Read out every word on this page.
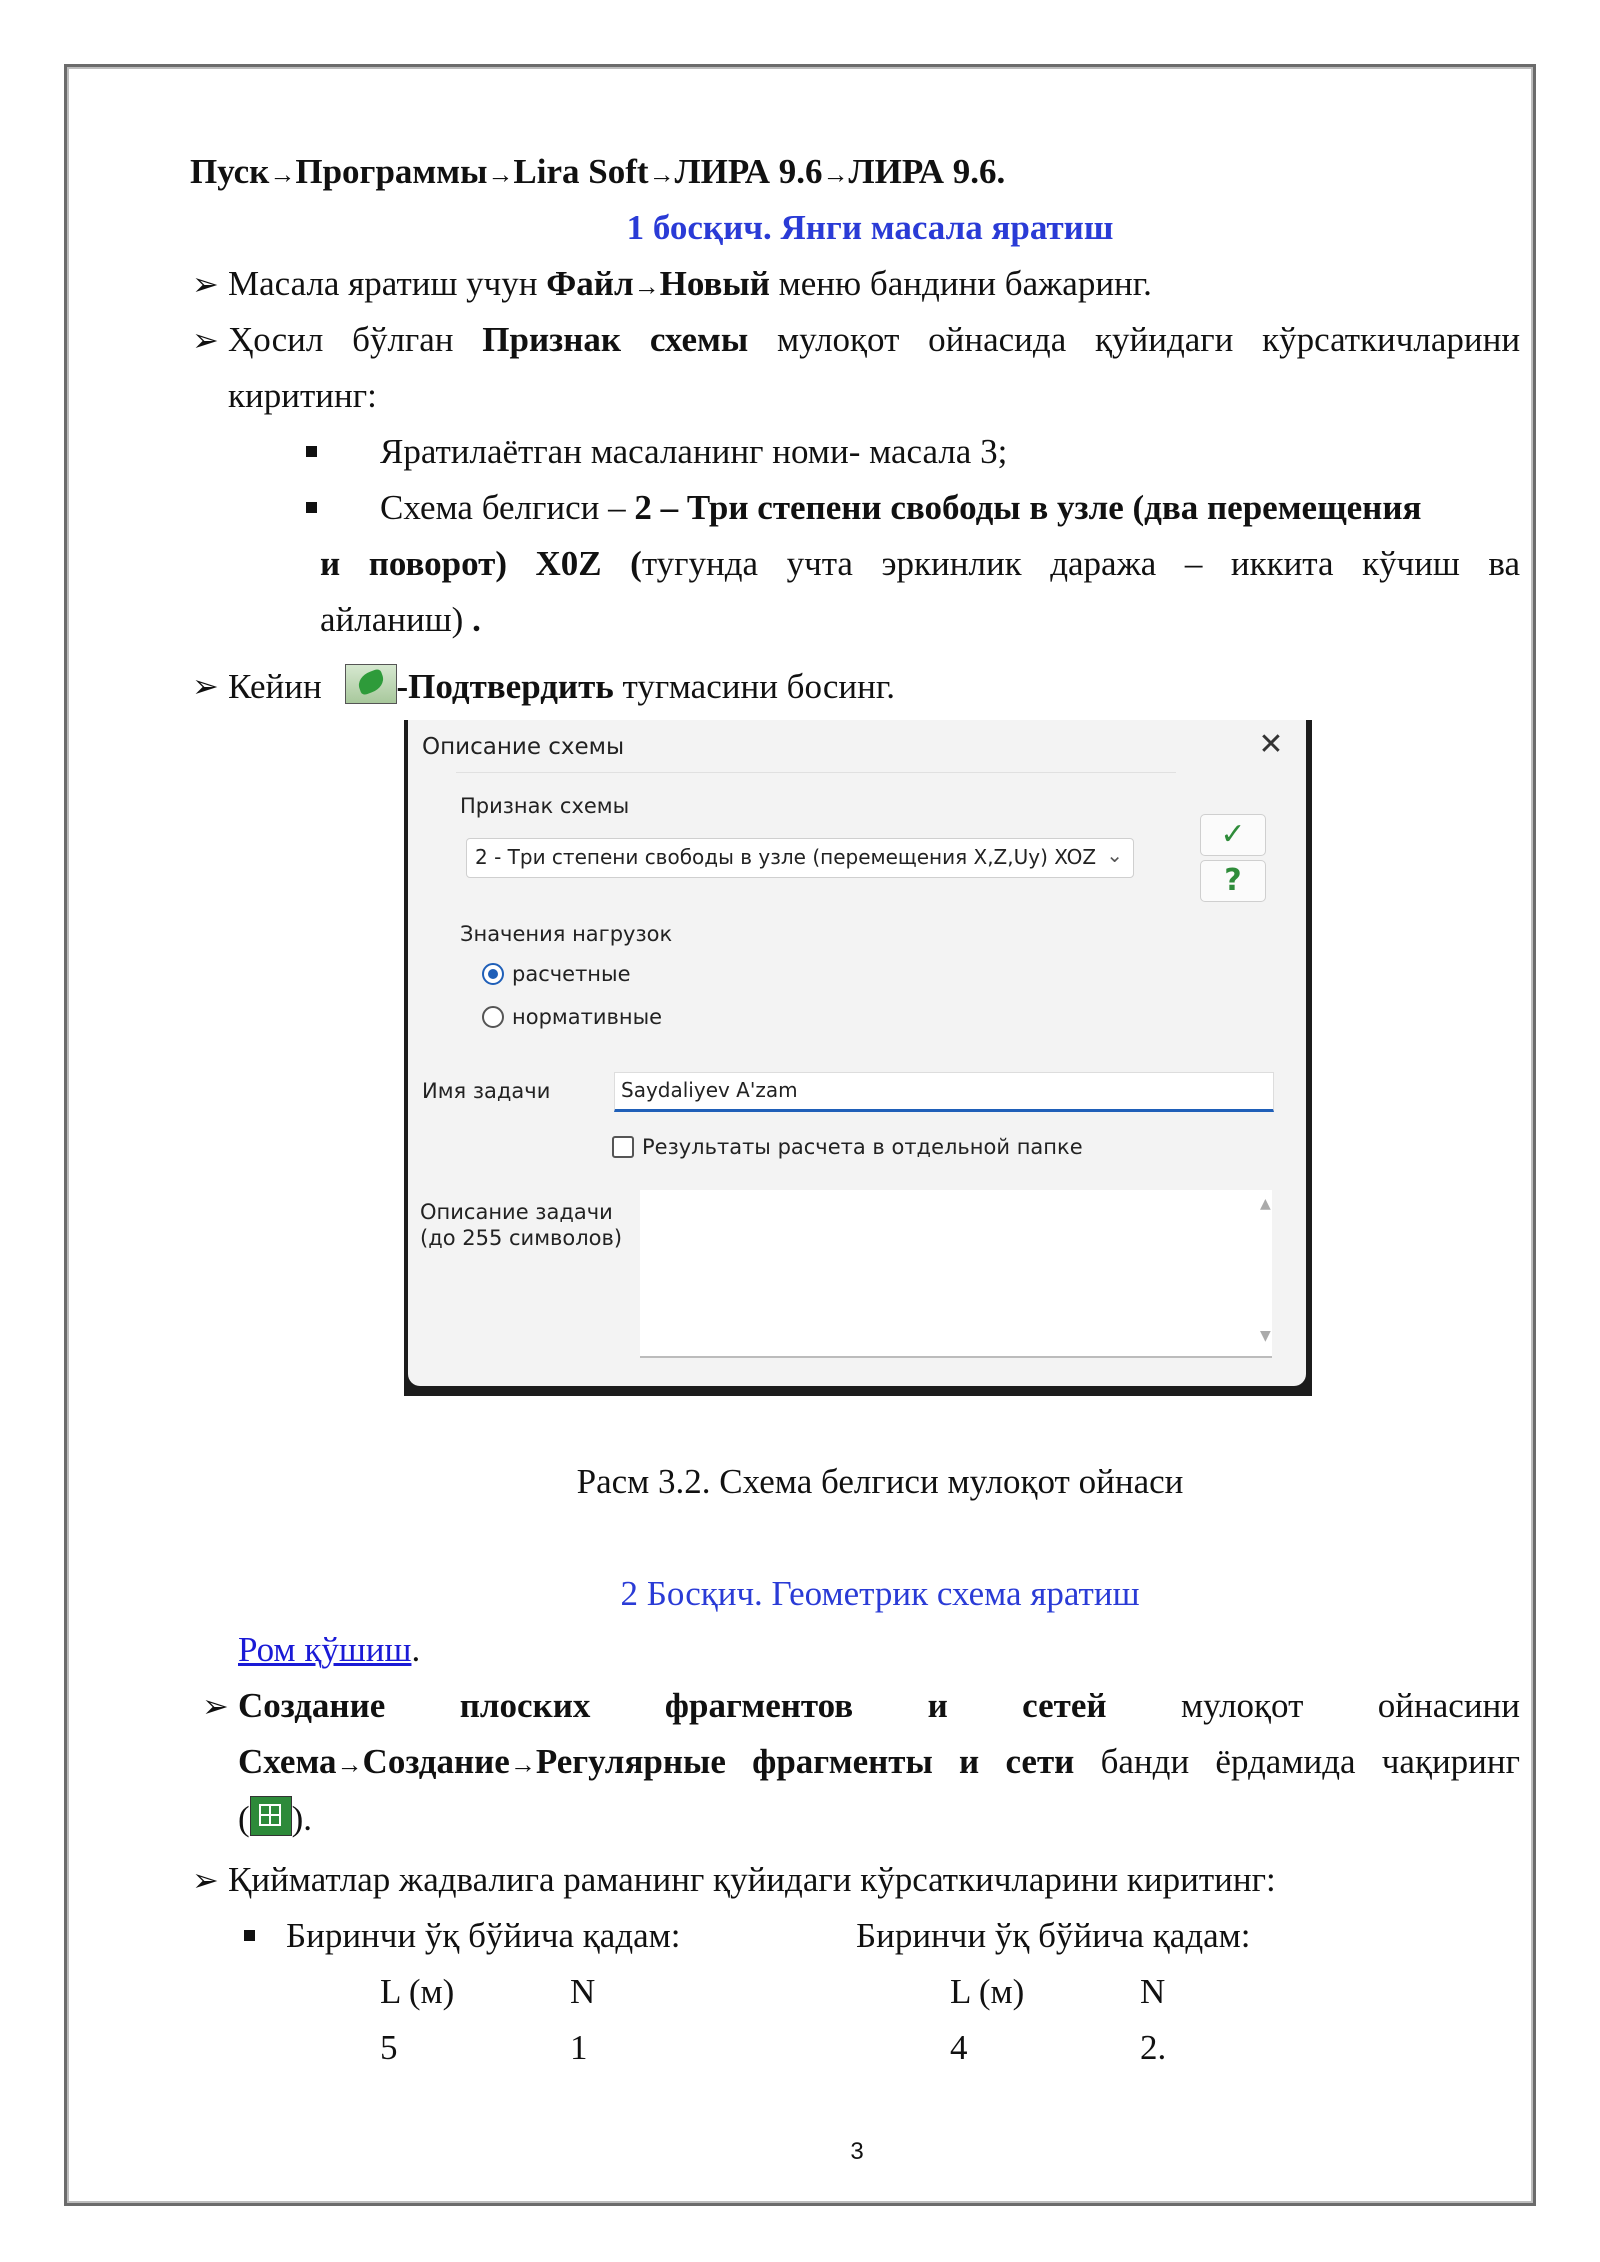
Пуск→Программы→Lira Soft→ЛИРА 9.6→ЛИРА 9.6.
1 босқич. Янги масала яратиш
➢ Масала яратиш учун Файл→Новый меню бандини бажаринг.
➢ Ҳосил бўлган Признак схемы мулоқот ойнасида қуйидаги кўрсаткичларини
киритинг:
Яратилаётган масаланинг номи- масала 3;
Схема белгиси – 2 – Три степени свободы в узле (два перемещения
и поворот) X0Z (тугунда учта эркинлик даража – иккита кўчиш ва
айланиш) .
➢ Кейин
-Подтвердить тугмасини босинг.
Описание схемы	✕
Признак схемы
2 - Три степени свободы в узле (перемещения X,Z,Uy) XOZ ⌄
✓
?
Значения нагрузок
расчетные
нормативные
Имя задачи	Saydaliyev A'zam
Результаты расчета в отдельной папке
Описание задачи
(до 255 символов)
▲
▼
Расм 3.2. Схема белгиси мулоқот ойнаси
2 Босқич. Геометрик схема яратиш
Ром қўшиш.
➢ Создание плоских фрагментов и сетей мулоқот ойнасини
Схема→Создание→Регулярные фрагменты и сети банди ёрдамида чақиринг
( ).
➢ Қийматлар жадвалига раманинг қуйидаги кўрсаткичларини киритинг:
Биринчи ўқ бўйича қадам:	Биринчи ўқ бўйича қадам:
L (м)	N
5	1
L (м)	N
4	2.
3
